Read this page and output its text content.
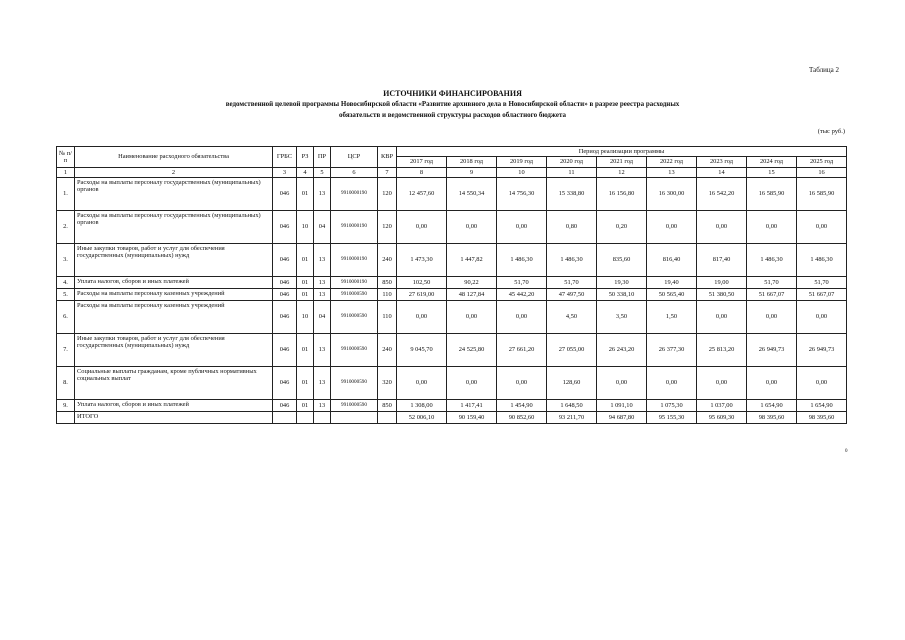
Таблица 2
ИСТОЧНИКИ ФИНАНСИРОВАНИЯ
ведомственной целевой программы Новосибирской области «Развитие архивного дела в Новосибирской области» в разрезе реестра расходных
обязательств и ведомственной структуры расходов областного бюджета
(тыс руб.)
№ п/п	Наименование расходного обязательства	ГРБС	РЗ	ПР	ЦСР	КВР	Период реализации программы								
							2017 год	2018 год	2019 год	2020 год	2021 год	2022 год	2023 год	2024 год	2025 год
1	2	3	4	5	6	7	8	9	10	11	12	13	14	15	16
1.	Расходы на выплаты персоналу государственных (муниципальных) органов	046	01	13	9910000190	120	12 457,60	14 550,34	14 756,30	15 338,80	16 156,80	16 300,00	16 542,20	16 585,90	16 585,90
2.	Расходы на выплаты персоналу государственных (муниципальных) органов	046	10	04	9910000190	120	0,00	0,00	0,00	0,80	0,20	0,00	0,00	0,00	0,00
3.	Иные закупки товаров, работ и услуг для обеспечения государственных (муниципальных) нужд	046	01	13	9910000190	240	1 473,30	1 447,82	1 486,30	1 486,30	835,60	816,40	817,40	1 486,30	1 486,30
4.	Уплата налогов, сборов и иных платежей	046	01	13	9910000190	850	102,50	90,22	51,70	51,70	19,30	19,40	19,00	51,70	51,70
5.	Расходы на выплаты персоналу казенных учреждений	046	01	13	9910000590	110	27 619,00	48 127,84	45 442,20	47 497,50	50 338,10	50 565,40	51 380,50	51 667,07	51 667,07
6.	Расходы на выплаты персоналу казенных учреждений	046	10	04	9910000590	110	0,00	0,00	0,00	4,50	3,50	1,50	0,00	0,00	0,00
7.	Иные закупки товаров, работ и услуг для обеспечения государственных (муниципальных) нужд	046	01	13	9910000590	240	9 045,70	24 525,80	27 661,20	27 055,00	26 243,20	26 377,30	25 813,20	26 949,73	26 949,73
8.	Социальные выплаты гражданам, кроме публичных нормативных социальных выплат	046	01	13	9910000590	320	0,00	0,00	0,00	128,60	0,00	0,00	0,00	0,00	0,00
9.	Уплата налогов, сборов и иных платежей	046	01	13	9910000590	850	1 308,00	1 417,41	1 454,90	1 648,50	1 091,10	1 075,30	1 037,00	1 654,90	1 654,90
	ИТОГО						52 006,10	90 159,40	90 852,60	93 211,70	94 687,80	95 155,30	95 609,30	98 395,60	98 395,60
0
